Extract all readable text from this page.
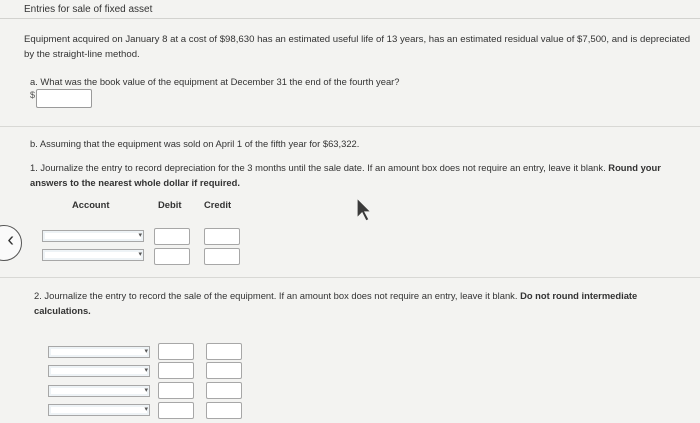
Entries for sale of fixed asset
Equipment acquired on January 8 at a cost of $98,630 has an estimated useful life of 13 years, has an estimated residual value of $7,500, and is depreciated by the straight-line method.
a. What was the book value of the equipment at December 31 the end of the fourth year?
$
b. Assuming that the equipment was sold on April 1 of the fifth year for $63,322.
1. Journalize the entry to record depreciation for the 3 months until the sale date. If an amount box does not require an entry, leave it blank. Round your answers to the nearest whole dollar if required.
Account	Debit Credit
‹	▾
▾
2. Journalize the entry to record the sale of the equipment. If an amount box does not require an entry, leave it blank. Do not round intermediate calculations.
▾
▾
▾
▾
